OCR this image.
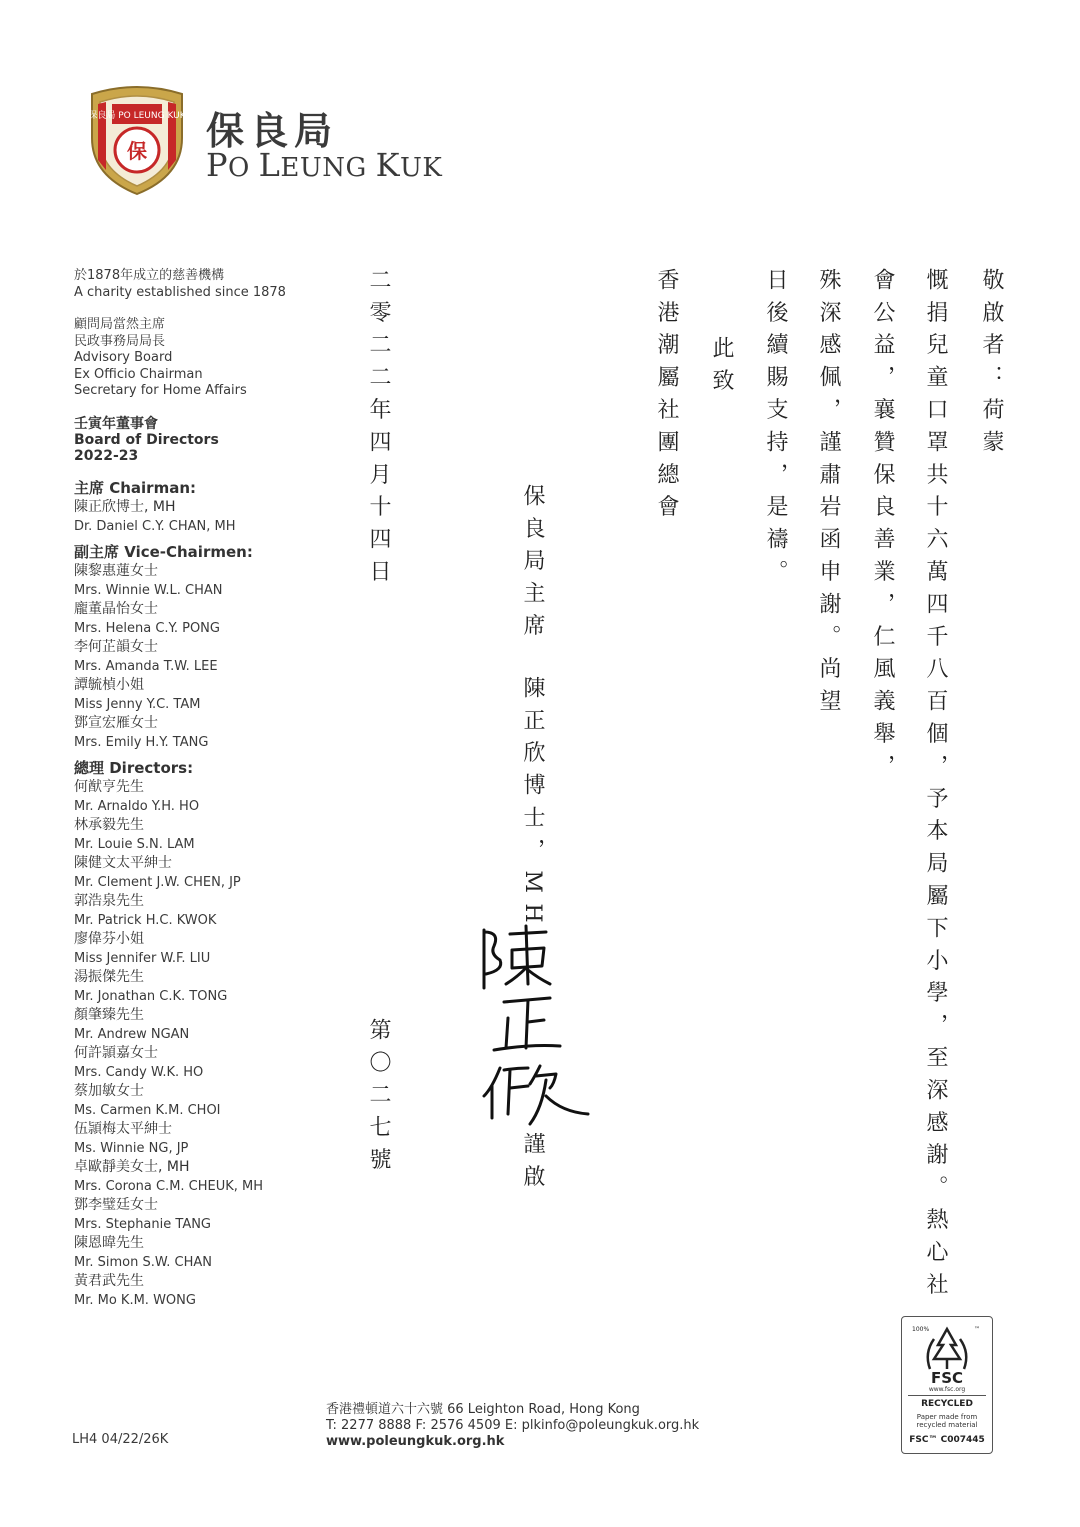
保
保良局 PO LEUNG KUK 保良局
PO LEUNG KUK
於1878年成立的慈善機構
A charity established since 1878
顧問局當然主席
民政事務局局長
Advisory Board
Ex Officio Chairman
Secretary for Home Affairs
壬寅年董事會
Board of Directors
2022-23
主席 Chairman:
陳正欣博士, MH
Dr. Daniel C.Y. CHAN, MH
副主席 Vice-Chairmen:
陳黎惠蓮女士
Mrs. Winnie W.L. CHAN
龐董晶怡女士
Mrs. Helena C.Y. PONG
李何芷韻女士
Mrs. Amanda T.W. LEE
譚毓楨小姐
Miss Jenny Y.C. TAM
鄧宣宏雁女士
Mrs. Emily H.Y. TANG
總理 Directors:
何猷亨先生
Mr. Arnaldo Y.H. HO
林承毅先生
Mr. Louie S.N. LAM
陳健文太平紳士
Mr. Clement J.W. CHEN, JP
郭浩泉先生
Mr. Patrick H.C. KWOK
廖偉芬小姐
Miss Jennifer W.F. LIU
湯振傑先生
Mr. Jonathan C.K. TONG
顏肇臻先生
Mr. Andrew NGAN
何許頴嘉女士
Mrs. Candy W.K. HO
蔡加敏女士
Ms. Carmen K.M. CHOI
伍頴梅太平紳士
Ms. Winnie NG, JP
卓歐靜美女士, MH
Mrs. Corona C.M. CHEUK, MH
鄧李璧廷女士
Mrs. Stephanie TANG
陳恩暐先生
Mr. Simon S.W. CHAN
黃君武先生
Mr. Mo K.M. WONG
LH4 04/22/26K
敬啟者：荷蒙
慨捐兒童口罩共十六萬四千八百個，予本局屬下小學，至深感謝。熱心社
會公益，襄贊保良善業，仁風義舉，
殊深感佩，謹肅岩函申謝。尚望
日後續賜支持，是禱。
此致
香港潮屬社團總會
保良局主席
陳正欣博士，MH
謹啟
二零二二年四月十四日
第〇二七號
香港禮頓道六十六號 66 Leighton Road, Hong Kong
T: 2277 8888 F: 2576 4509 E: plkinfo@poleungkuk.org.hk
www.poleungkuk.org.hk
100%	™
FSC
www.fsc.org
RECYCLED
Paper made from
recycled material
FSC™ C007445
